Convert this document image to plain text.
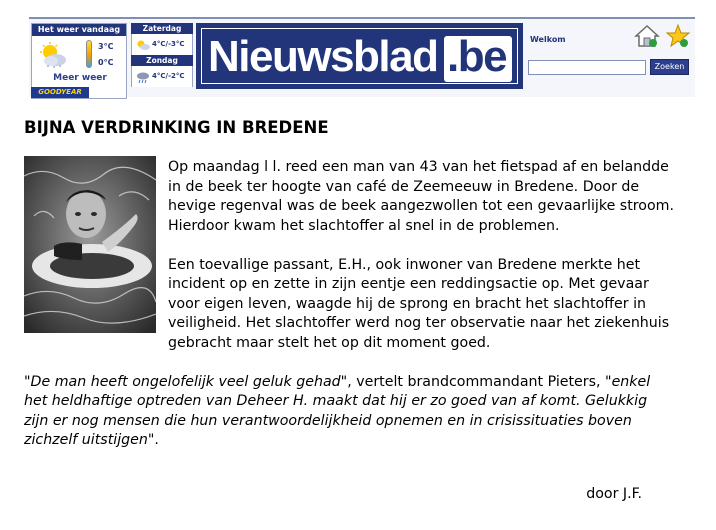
Het weer vandaag
3°C
0°C
Meer weer
GOODYEAR
Zaterdag
4°C/-3°C
Zondag
4°C/-2°C Nieuwsblad .be	Welkom
Zoeken
BIJNA VERDRINKING IN BREDENE

Op maandag l l. reed een man van 43 van het fietspad af en belandde in de beek ter hoogte van café de Zeemeeuw in Bredene. Door de hevige regenval was de beek aangezwollen tot een gevaarlijke stroom. Hierdoor kwam het slachtoffer al snel in de problemen.

Een toevallige passant, E.H., ook inwoner van Bredene merkte het incident op en zette in zijn eentje een reddingsactie op. Met gevaar voor eigen leven, waagde hij de sprong en bracht het slachtoffer in veiligheid. Het slachtoffer werd nog ter observatie naar het ziekenhuis gebracht maar stelt het op dit moment goed.

"De man heeft ongelofelijk veel geluk gehad", vertelt brandcommandant Pieters, "enkel het heldhaftige optreden van Deheer H. maakt dat hij er zo goed van af komt. Gelukkig zijn er nog mensen die hun verantwoordelijkheid opnemen en in crisissituaties boven zichzelf uitstijgen".

door J.F.
